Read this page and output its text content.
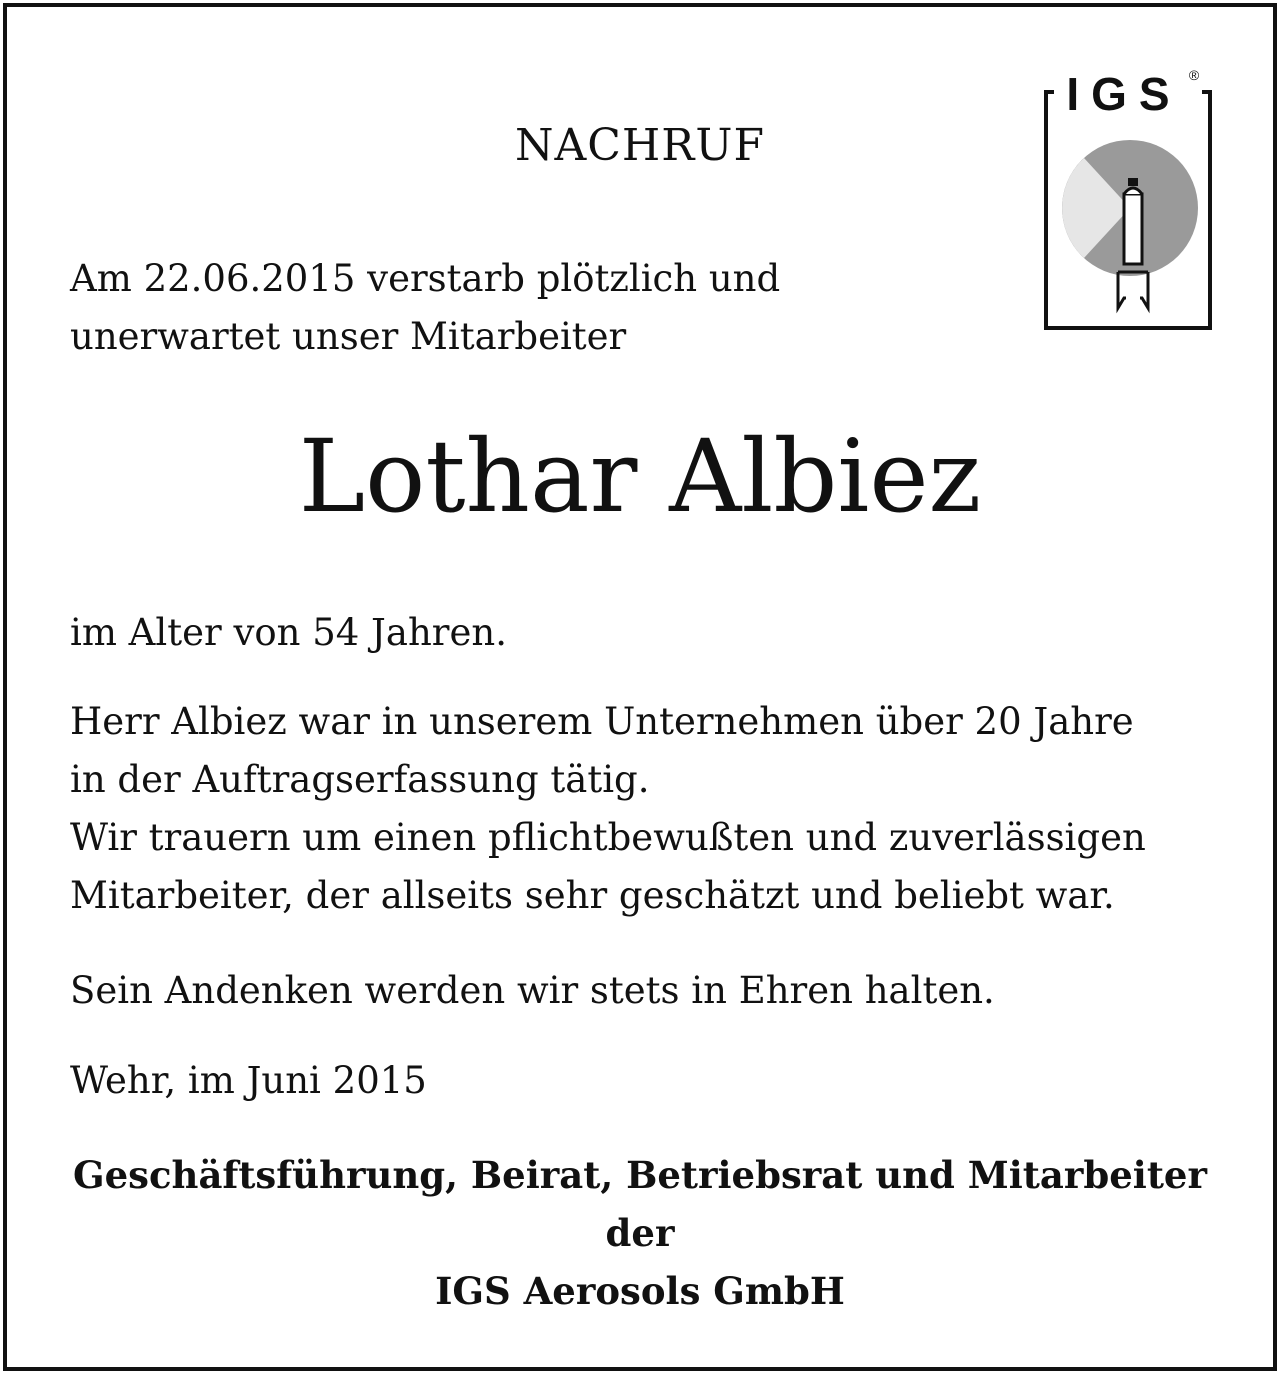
NACHRUF
Am 22.06.2015 verstarb plötzlich und
unerwartet unser Mitarbeiter
Lothar Albiez
im Alter von 54 Jahren.
Herr Albiez war in unserem Unternehmen über 20 Jahre
in der Auftragserfassung tätig.
Wir trauern um einen pflichtbewußten und zuverlässigen
Mitarbeiter, der allseits sehr geschätzt und beliebt war.
Sein Andenken werden wir stets in Ehren halten.
Wehr, im Juni 2015
Geschäftsführung, Beirat, Betriebsrat und Mitarbeiter
der
IGS Aerosols GmbH
IGS ®
